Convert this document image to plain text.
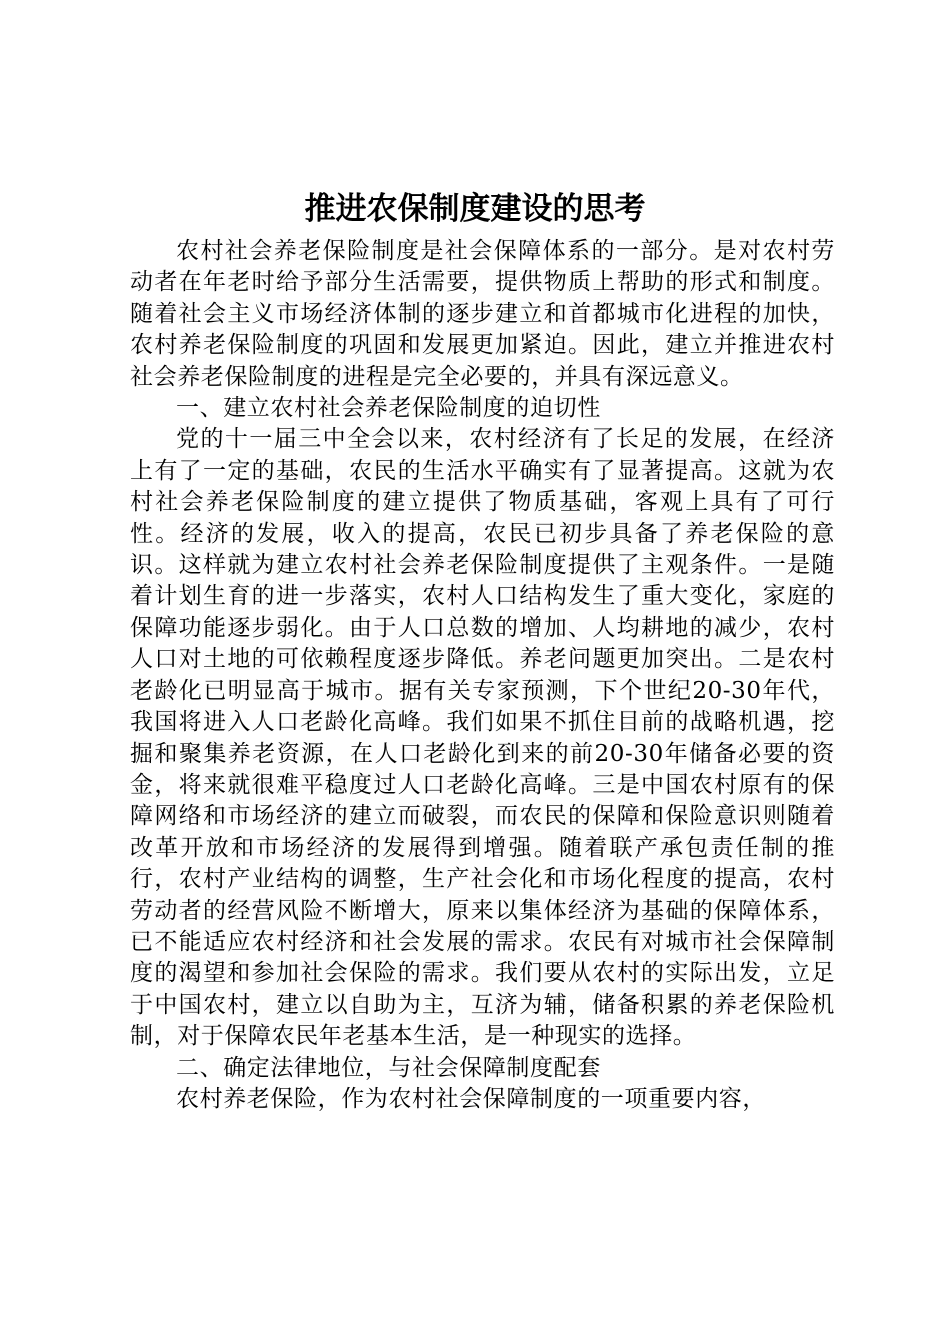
推进农保制度建设的思考

农村社会养老保险制度是社会保障体系的一部分。是对农村劳动者在年老时给予部分生活需要，提供物质上帮助的形式和制度。随着社会主义市场经济体制的逐步建立和首都城市化进程的加快，农村养老保险制度的巩固和发展更加紧迫。因此，建立并推进农村社会养老保险制度的进程是完全必要的，并具有深远意义。

一、建立农村社会养老保险制度的迫切性

党的十一届三中全会以来，农村经济有了长足的发展，在经济上有了一定的基础，农民的生活水平确实有了显著提高。这就为农村社会养老保险制度的建立提供了物质基础，客观上具有了可行性。经济的发展，收入的提高，农民已初步具备了养老保险的意识。这样就为建立农村社会养老保险制度提供了主观条件。一是随着计划生育的进一步落实，农村人口结构发生了重大变化，家庭的保障功能逐步弱化。由于人口总数的增加、人均耕地的减少，农村人口对土地的可依赖程度逐步降低。养老问题更加突出。二是农村老龄化已明显高于城市。据有关专家预测，下个世纪20-30年代，我国将进入人口老龄化高峰。我们如果不抓住目前的战略机遇，挖掘和聚集养老资源，在人口老龄化到来的前20-30年储备必要的资金，将来就很难平稳度过人口老龄化高峰。三是中国农村原有的保障网络和市场经济的建立而破裂，而农民的保障和保险意识则随着改革开放和市场经济的发展得到增强。随着联产承包责任制的推行，农村产业结构的调整，生产社会化和市场化程度的提高，农村劳动者的经营风险不断增大，原来以集体经济为基础的保障体系，已不能适应农村经济和社会发展的需求。农民有对城市社会保障制度的渴望和参加社会保险的需求。我们要从农村的实际出发，立足于中国农村，建立以自助为主，互济为辅，储备积累的养老保险机制，对于保障农民年老基本生活，是一种现实的选择。

二、确定法律地位，与社会保障制度配套

农村养老保险，作为农村社会保障制度的一项重要内容，
